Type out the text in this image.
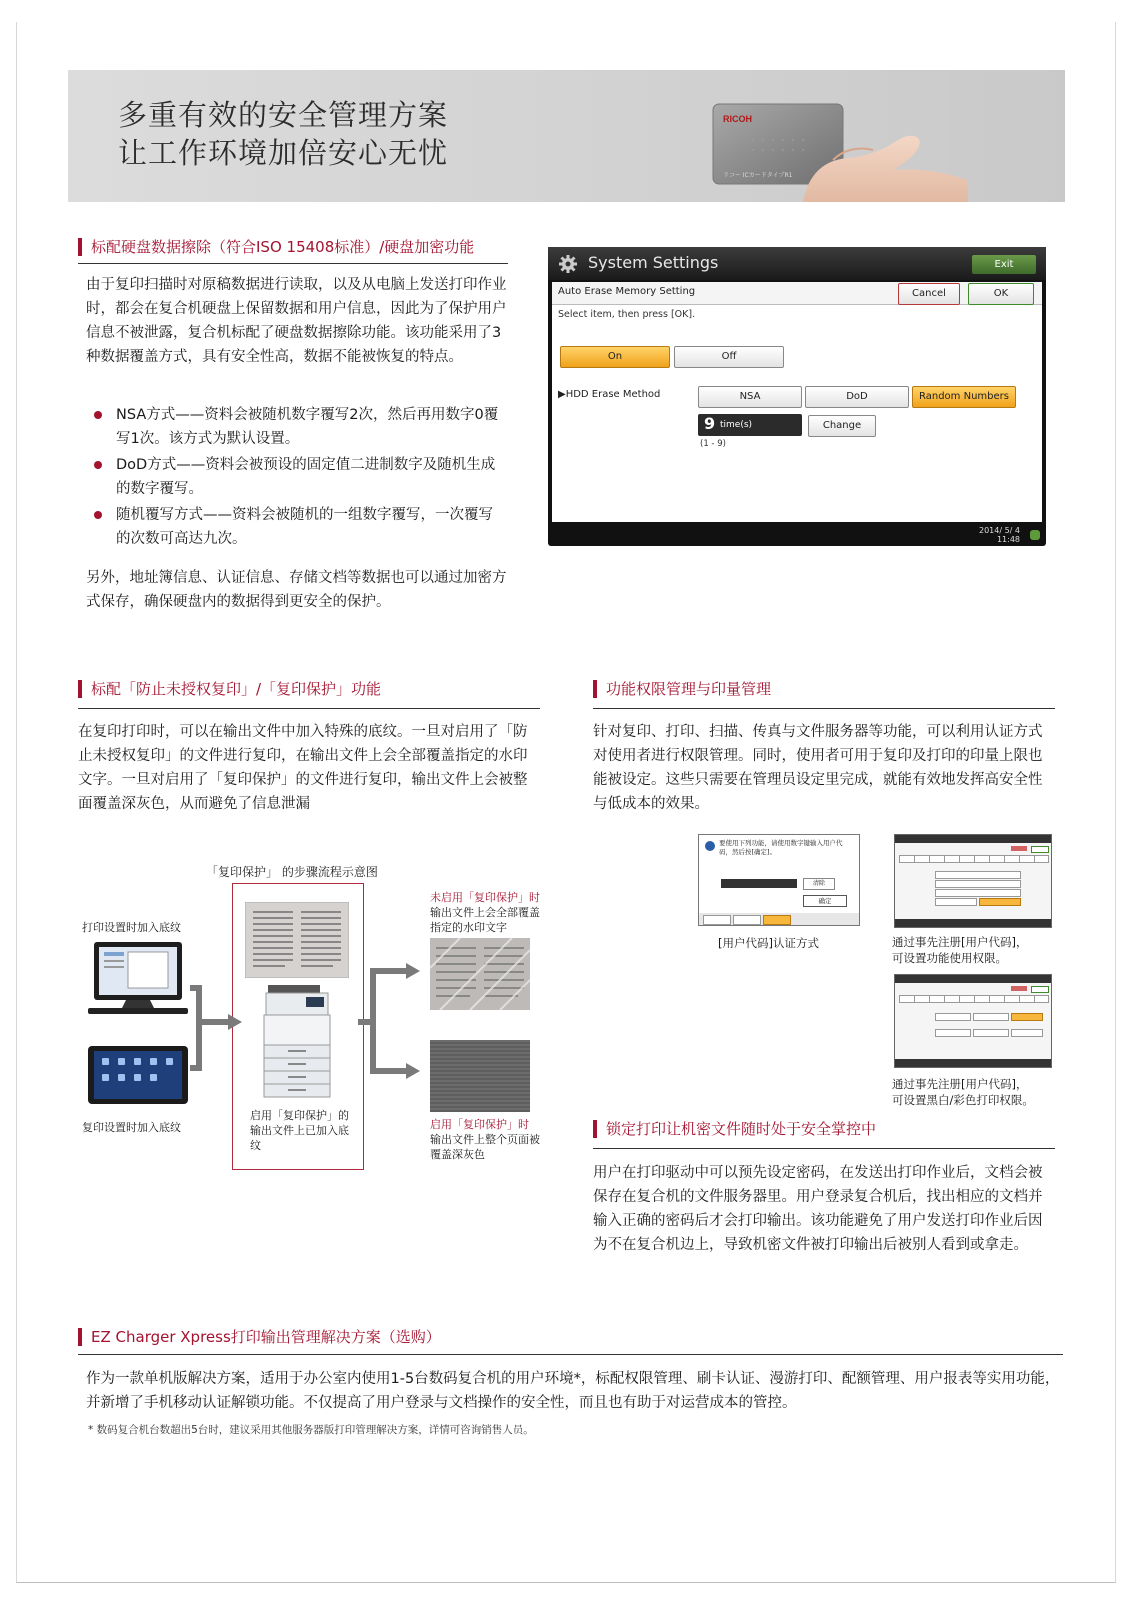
多重有效的安全管理方案
让工作环境加倍安心无忧
RICOH
リコー ICカードタイプR1
标配硬盘数据擦除（符合ISO 15408标准）/硬盘加密功能
由于复印扫描时对原稿数据进行读取，以及从电脑上发送打印作业时，都会在复合机硬盘上保留数据和用户信息，因此为了保护用户信息不被泄露，复合机标配了硬盘数据擦除功能。该功能采用了3种数据覆盖方式，具有安全性高，数据不能被恢复的特点。
NSA方式——资料会被随机数字覆写2次，然后再用数字0覆写1次。该方式为默认设置。
DoD方式——资料会被预设的固定值二进制数字及随机生成的数字覆写。
随机覆写方式——资料会被随机的一组数字覆写，一次覆写的次数可高达九次。
另外，地址簿信息、认证信息、存储文档等数据也可以通过加密方式保存，确保硬盘内的数据得到更安全的保护。
System Settings	Exit
Auto Erase Memory Setting	Cancel	OK
Select item, then press [OK].
On	Off
▶HDD Erase Method	NSA	DoD	Random Numbers
9 time(s)	Change
(1 - 9)
2014/ 5/ 4
11:48
标配「防止未授权复印」/「复印保护」功能
在复印打印时，可以在输出文件中加入特殊的底纹。一旦对启用了「防止未授权复印」的文件进行复印，在输出文件上会全部覆盖指定的水印文字。一旦对启用了「复印保护」的文件进行复印，输出文件上会被整面覆盖深灰色，从而避免了信息泄漏
「复印保护」 的步骤流程示意图
打印设置时加入底纹
复印设置时加入底纹
启用「复印保护」的输出文件上已加入底纹
未启用「复印保护」时
输出文件上会全部覆盖指定的水印文字
启用「复印保护」时
输出文件上整个页面被覆盖深灰色
功能权限管理与印量管理
针对复印、打印、扫描、传真与文件服务器等功能，可以利用认证方式对使用者进行权限管理。同时，使用者可用于复印及打印的印量上限也能被设定。这些只需要在管理员设定里完成，就能有效地发挥高安全性与低成本的效果。
要使用下列功能，请使用数字键输入用户代码，然后按[确定]。
清除
确定
[用户代码]认证方式	通过事先注册[用户代码]，
可设置功能使用权限。
通过事先注册[用户代码]，
可设置黑白/彩色打印权限。
锁定打印让机密文件随时处于安全掌控中
用户在打印驱动中可以预先设定密码，在发送出打印作业后，文档会被保存在复合机的文件服务器里。用户登录复合机后，找出相应的文档并输入正确的密码后才会打印输出。该功能避免了用户发送打印作业后因为不在复合机边上，导致机密文件被打印输出后被别人看到或拿走。
EZ Charger Xpress打印输出管理解决方案（选购）
作为一款单机版解决方案，适用于办公室内使用1-5台数码复合机的用户环境*，标配权限管理、刷卡认证、漫游打印、配额管理、用户报表等实用功能，并新增了手机移动认证解锁功能。不仅提高了用户登录与文档操作的安全性，而且也有助于对运营成本的管控。
* 数码复合机台数超出5台时，建议采用其他服务器版打印管理解决方案，详情可咨询销售人员。
